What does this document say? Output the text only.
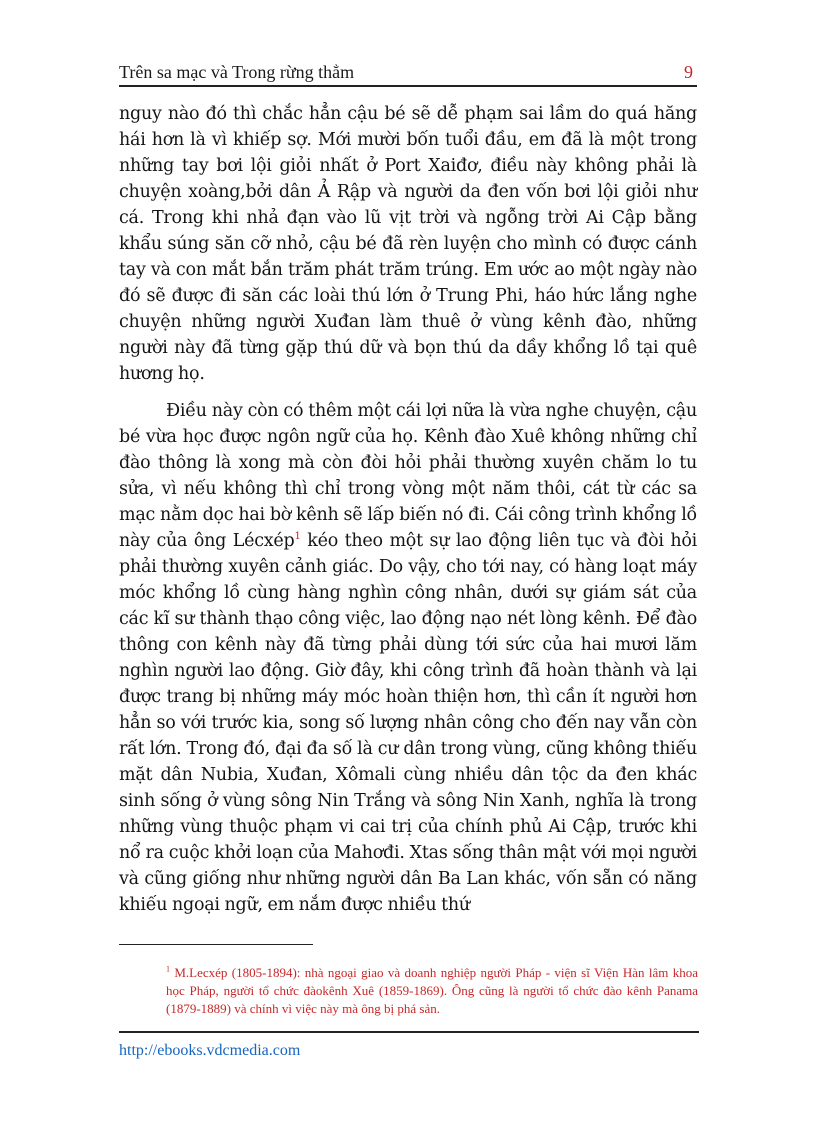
Trên sa mạc và Trong rừng thẳm	9

nguy nào đó thì chắc hẳn cậu bé sẽ dễ phạm sai lầm do quá hăng hái hơn là vì khiếp sợ. Mới mười bốn tuổi đầu, em đã là một trong những tay bơi lội giỏi nhất ở Port Xaiđơ, điều này không phải là chuyện xoàng,bởi dân Ả Rập và người da đen vốn bơi lội giỏi như cá. Trong khi nhả đạn vào lũ vịt trời và ngỗng trời Ai Cập bằng khẩu súng săn cỡ nhỏ, cậu bé đã rèn luyện cho mình có được cánh tay và con mắt bắn trăm phát trăm trúng. Em ước ao một ngày nào đó sẽ được đi săn các loài thú lớn ở Trung Phi, háo hức lắng nghe chuyện những người Xuđan làm thuê ở vùng kênh đào, những người này đã từng gặp thú dữ và bọn thú da dầy khổng lồ tại quê hương họ.

Điều này còn có thêm một cái lợi nữa là vừa nghe chuyện, cậu bé vừa học được ngôn ngữ của họ. Kênh đào Xuê không những chỉ đào thông là xong mà còn đòi hỏi phải thường xuyên chăm lo tu sửa, vì nếu không thì chỉ trong vòng một năm thôi, cát từ các sa mạc nằm dọc hai bờ kênh sẽ lấp biến nó đi. Cái công trình khổng lồ này của ông Lécxép$^1$ kéo theo một sự lao động liên tục và đòi hỏi phải thường xuyên cảnh giác. Do vậy, cho tới nay, có hàng loạt máy móc khổng lồ cùng hàng nghìn công nhân, dưới sự giám sát của các kĩ sư thành thạo công việc, lao động nạo nét lòng kênh. Để đào thông con kênh này đã từng phải dùng tới sức của hai mươi lăm nghìn người lao động. Giờ đây, khi công trình đã hoàn thành và lại được trang bị những máy móc hoàn thiện hơn, thì cần ít người hơn hẳn so với trước kia, song số lượng nhân công cho đến nay vẫn còn rất lớn. Trong đó, đại đa số là cư dân trong vùng, cũng không thiếu mặt dân Nubia, Xuđan, Xômali cùng nhiều dân tộc da đen khác sinh sống ở vùng sông Nin Trắng và sông Nin Xanh, nghĩa là trong những vùng thuộc phạm vi cai trị của chính phủ Ai Cập, trước khi nổ ra cuộc khởi loạn của Mahơđi. Xtas sống thân mật với mọi người và cũng giống như những người dân Ba Lan khác, vốn sẵn có năng khiếu ngoại ngữ, em nắm được nhiều thứ

$^1$ M.Lecxép (1805-1894): nhà ngoại giao và doanh nghiệp người Pháp - viện sĩ Viện Hàn lâm khoa học Pháp, người tổ chức đàokênh Xuê (1859-1869). Ông cũng là người tổ chức đào kênh Panama (1879-1889) và chính vì việc này mà ông bị phá sản.
http://ebooks.vdcmedia.com
